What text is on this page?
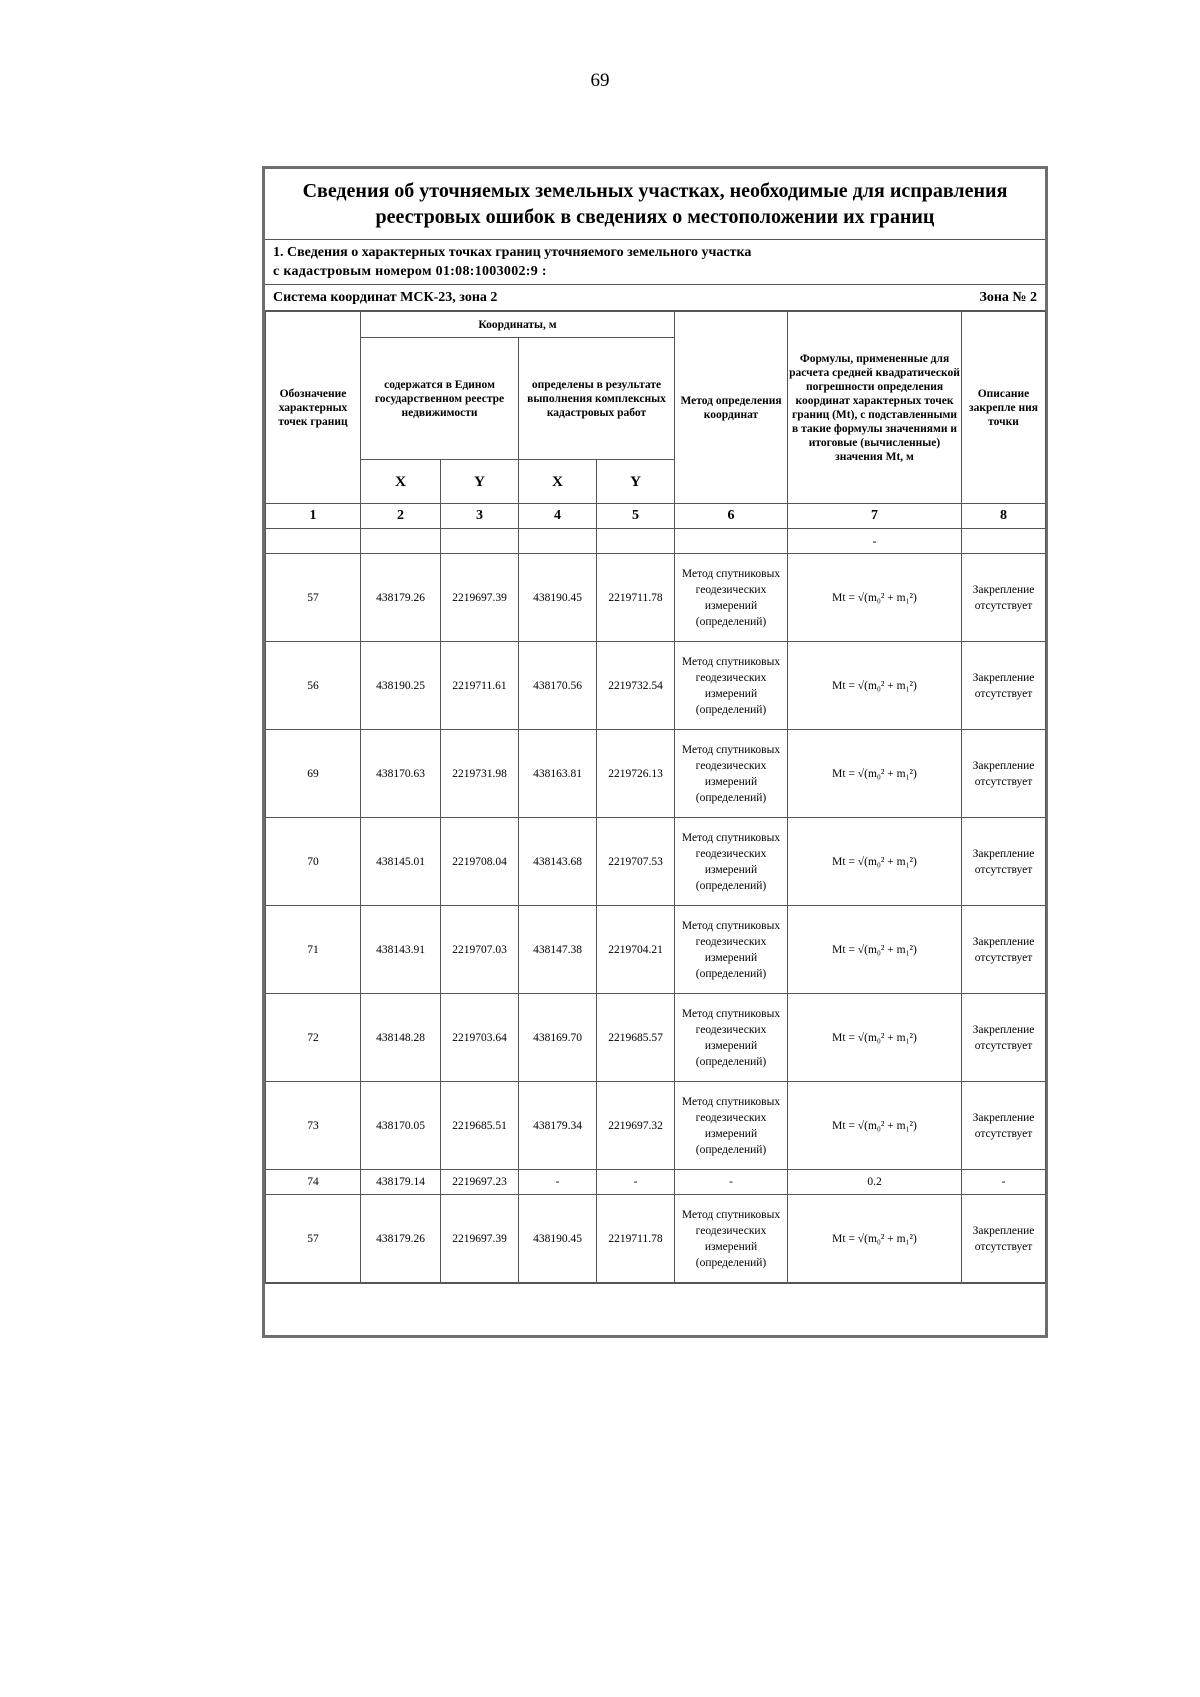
69
Сведения об уточняемых земельных участках, необходимые для исправления реестровых ошибок в сведениях о местоположении их границ
1. Сведения о характерных точках границ уточняемого земельного участка
с кадастровым номером 01:08:1003002:9 :
Система координат МСК-23, зона 2	Зона № 2
Обозначение характерных точек границ	Координаты, м				Метод определения координат	Формулы, примененные для расчета средней квадратической погрешности определения координат характерных точек границ (Mt), с подставленными в такие формулы значениями и итоговые (вычисленные) значения Mt, м	Описание закрепле ния точки
	содержатся в Едином государственном реестре недвижимости		определены в результате выполнения комплексных кадастровых работ				
	X	Y	X	Y			
1	2	3	4	5	6	7	8
						-	
57	438179.26	2219697.39	438190.45	2219711.78	Метод спутниковых геодезических измерений (определений)	Mt = √(m₀² + m₁²)	Закрепление отсутствует
56	438190.25	2219711.61	438170.56	2219732.54	Метод спутниковых геодезических измерений (определений)	Mt = √(m₀² + m₁²)	Закрепление отсутствует
69	438170.63	2219731.98	438163.81	2219726.13	Метод спутниковых геодезических измерений (определений)	Mt = √(m₀² + m₁²)	Закрепление отсутствует
70	438145.01	2219708.04	438143.68	2219707.53	Метод спутниковых геодезических измерений (определений)	Mt = √(m₀² + m₁²)	Закрепление отсутствует
71	438143.91	2219707.03	438147.38	2219704.21	Метод спутниковых геодезических измерений (определений)	Mt = √(m₀² + m₁²)	Закрепление отсутствует
72	438148.28	2219703.64	438169.70	2219685.57	Метод спутниковых геодезических измерений (определений)	Mt = √(m₀² + m₁²)	Закрепление отсутствует
73	438170.05	2219685.51	438179.34	2219697.32	Метод спутниковых геодезических измерений (определений)	Mt = √(m₀² + m₁²)	Закрепление отсутствует
74	438179.14	2219697.23	-	-	-	0.2	-
57	438179.26	2219697.39	438190.45	2219711.78	Метод спутниковых геодезических измерений (определений)	Mt = √(m₀² + m₁²)	Закрепление отсутствует
